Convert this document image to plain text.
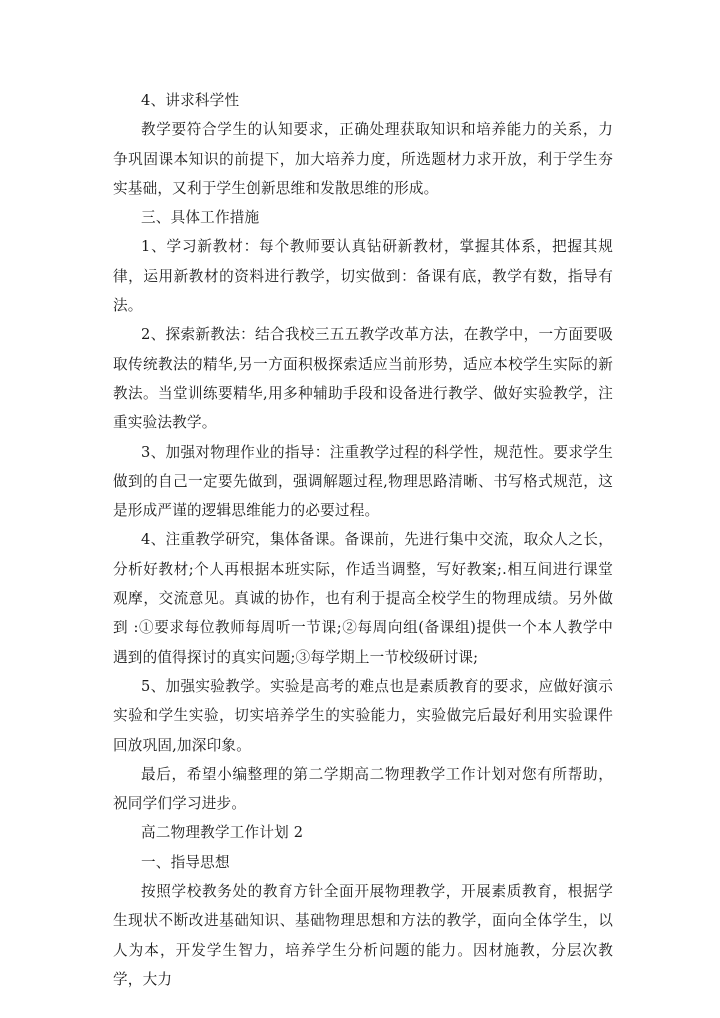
4、讲求科学性

教学要符合学生的认知要求，正确处理获取知识和培养能力的关系，力争巩固课本知识的前提下，加大培养力度，所选题材力求开放，利于学生夯实基础，又利于学生创新思维和发散思维的形成。

三、具体工作措施

1、学习新教材：每个教师要认真钻研新教材，掌握其体系，把握其规律，运用新教材的资料进行教学，切实做到：备课有底，教学有数，指导有法。

2、探索新教法：结合我校三五五教学改革方法，在教学中，一方面要吸取传统教法的精华,另一方面积极探索适应当前形势，适应本校学生实际的新教法。当堂训练要精华,用多种辅助手段和设备进行教学、做好实验教学，注重实验法教学。

3、加强对物理作业的指导：注重教学过程的科学性，规范性。要求学生做到的自己一定要先做到，强调解题过程,物理思路清晰、书写格式规范，这是形成严谨的逻辑思维能力的必要过程。

4、注重教学研究，集体备课。备课前，先进行集中交流，取众人之长，分析好教材;个人再根据本班实际，作适当调整，写好教案;.相互间进行课堂观摩，交流意见。真诚的协作，也有利于提高全校学生的物理成绩。另外做到 :①要求每位教师每周听一节课;②每周向组(备课组)提供一个本人教学中遇到的值得探讨的真实问题;③每学期上一节校级研讨课;

5、加强实验教学。实验是高考的难点也是素质教育的要求，应做好演示实验和学生实验，切实培养学生的实验能力，实验做完后最好利用实验课件回放巩固,加深印象。

最后，希望小编整理的第二学期高二物理教学工作计划对您有所帮助，祝同学们学习进步。

高二物理教学工作计划 2

一、指导思想

按照学校教务处的教育方针全面开展物理教学，开展素质教育，根据学生现状不断改进基础知识、基础物理思想和方法的教学，面向全体学生，以人为本，开发学生智力，培养学生分析问题的能力。因材施教，分层次教学，大力
